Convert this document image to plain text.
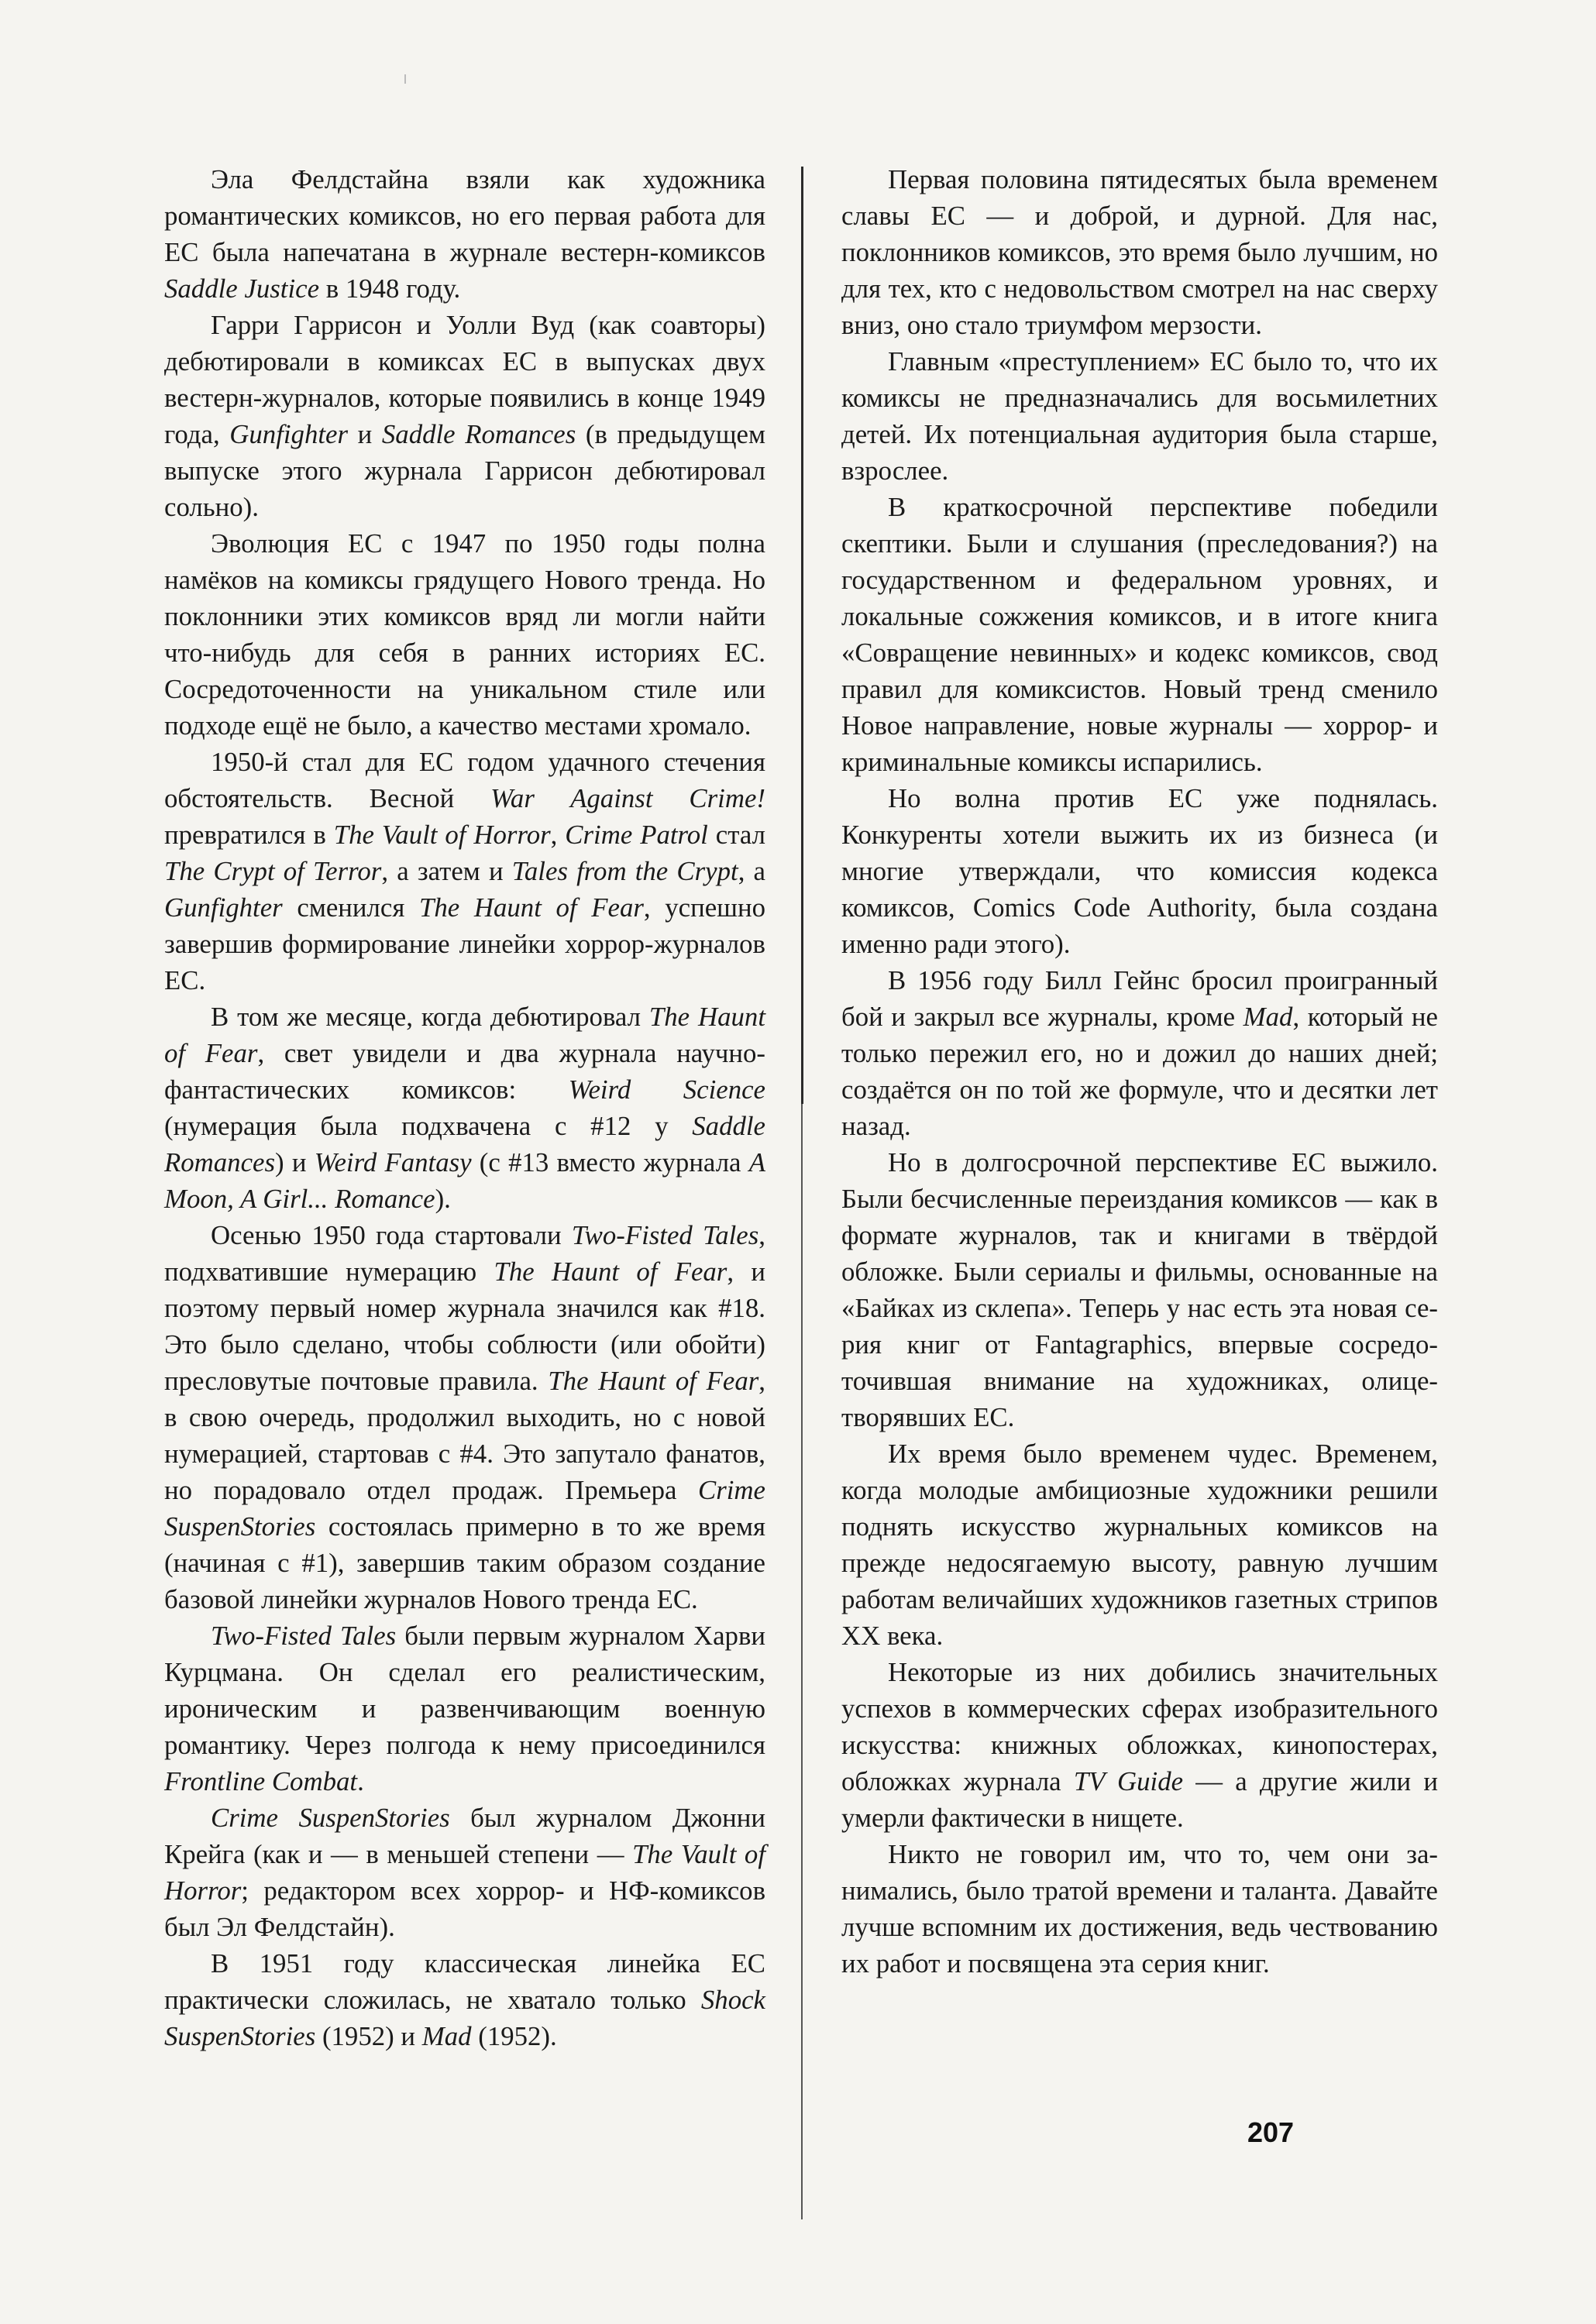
Эла Фелдстайна взяли как художника романтических комиксов, но его первая работа для EC была напечатана в журнале вестерн-комиксов Saddle Justice в 1948 году.

Гарри Гаррисон и Уолли Вуд (как соавторы) дебютировали в комиксах EC в выпусках двух вестерн-журналов, которые появились в конце 1949 года, Gunfighter и Saddle Romances (в предыдущем выпуске этого журнала Гаррисон дебютировал сольно).

Эволюция EC с 1947 по 1950 годы полна намёков на комиксы грядущего Нового тренда. Но поклонники этих комиксов вряд ли могли найти что-нибудь для себя в ранних историях EC. Сосредоточенности на уникальном стиле или подходе ещё не было, а качество местами хромало.

1950-й стал для EC годом удачного стечения обстоятельств. Весной War Against Crime! превратился в The Vault of Horror, Crime Patrol стал The Crypt of Terror, а затем и Tales from the Crypt, а Gunfighter сменился The Haunt of Fear, успешно завершив формирование линейки хоррор-журналов EC.

В том же месяце, когда дебютировал The Haunt of Fear, свет увидели и два журнала научно-фантастических комиксов: Weird Science (нумерация была подхвачена с #12 у Saddle Romances) и Weird Fantasy (с #13 вместо журнала A Moon, A Girl... Romance).

Осенью 1950 года стартовали Two-Fisted Tales, подхватившие нумерацию The Haunt of Fear, и поэтому первый номер журнала значился как #18. Это было сделано, чтобы соблюсти (или обойти) пресловутые почтовые правила. The Haunt of Fear, в свою очередь, продолжил выходить, но с новой нумерацией, стартовав с #4. Это запутало фанатов, но порадовало отдел продаж. Премьера Crime SuspenStories состоялась примерно в то же время (начиная с #1), завершив таким образом создание базовой линейки журналов Нового тренда EC.

Two-Fisted Tales были первым журналом Харви Курцмана. Он сделал его реалистическим, ироническим и развенчивающим военную романтику. Через полгода к нему присоединился Frontline Combat.

Crime SuspenStories был журналом Джонни Крейга (как и — в меньшей степени — The Vault of Horror; редактором всех хоррор- и НФ-комиксов был Эл Фелдстайн).

В 1951 году классическая линейка EC практически сложилась, не хватало только Shock SuspenStories (1952) и Mad (1952).

Первая половина пятидесятых была временем славы EC — и доброй, и дурной. Для нас, поклонников комиксов, это время было лучшим, но для тех, кто с недовольством смотрел на нас сверху вниз, оно стало триумфом мерзости.

Главным «преступлением» EC было то, что их комиксы не предназначались для восьмилетних детей. Их потенциальная аудитория была старше, взрослее.

В краткосрочной перспективе победили скептики. Были и слушания (преследования?) на государственном и федеральном уровнях, и локальные сожжения комиксов, и в итоге книга «Совращение невинных» и кодекс комиксов, свод правил для комиксистов. Новый тренд сменило Новое направление, новые журналы — хоррор- и криминальные комиксы испарились.

Но волна против EC уже поднялась. Конкуренты хотели выжить их из бизнеса (и многие утверждали, что комиссия кодекса комиксов, Comics Code Authority, была создана именно ради этого).

В 1956 году Билл Гейнс бросил проигранный бой и закрыл все журналы, кроме Mad, который не только пережил его, но и дожил до наших дней; создаётся он по той же формуле, что и десятки лет назад.

Но в долгосрочной перспективе EC выжило. Были бесчисленные переиздания комиксов — как в формате журналов, так и книгами в твёрдой обложке. Были сериалы и фильмы, основанные на «Байках из склепа». Теперь у нас есть эта новая серия книг от Fantagraphics, впервые сосредоточившая внимание на художниках, олицетворявших EC.

Их время было временем чудес. Временем, когда молодые амбициозные художники решили поднять искусство журнальных комиксов на прежде недосягаемую высоту, равную лучшим работам величайших художников газетных стрипов XX века.

Некоторые из них добились значительных успехов в коммерческих сферах изобразительного искусства: книжных обложках, кинопостерах, обложках журнала TV Guide — а другие жили и умерли фактически в нищете.

Никто не говорил им, что то, чем они занимались, было тратой времени и таланта. Давайте лучше вспомним их достижения, ведь чествованию их работ и посвящена эта серия книг.

207
